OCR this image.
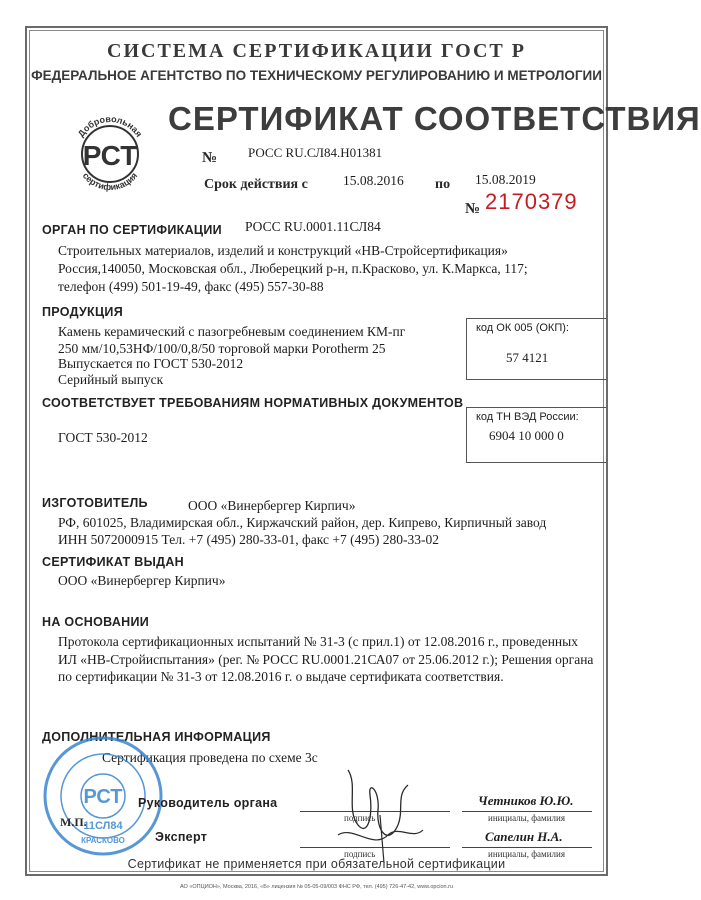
СИСТЕМА СЕРТИФИКАЦИИ ГОСТ Р
ФЕДЕРАЛЬНОЕ АГЕНТСТВО ПО ТЕХНИЧЕСКОМУ РЕГУЛИРОВАНИЮ И МЕТРОЛОГИИ
Добровольная
сертификация
РСТ
СЕРТИФИКАТ СООТВЕТСТВИЯ
№ РОСС RU.СЛ84.Н01381
Срок действия с	15.08.2016 по 15.08.2019
№ 2170379
ОРГАН ПО СЕРТИФИКАЦИИ РОСС RU.0001.11СЛ84
Строительных материалов, изделий и конструкций «НВ-Стройсертификация»
Россия,140050, Московская обл., Люберецкий р-н, п.Красково, ул. К.Маркса, 117;
телефон (499) 501-19-49, факс (495) 557-30-88
ПРОДУКЦИЯ
Камень керамический с пазогребневым соединением КМ-пг
250 мм/10,53НФ/100/0,8/50 торговой марки Porotherm 25
Выпускается по ГОСТ 530-2012
Серийный выпуск
код ОК 005 (ОКП):
57 4121
СООТВЕТСТВУЕТ ТРЕБОВАНИЯМ НОРМАТИВНЫХ ДОКУМЕНТОВ
ГОСТ 530-2012
код ТН ВЭД России:
6904 10 000 0
ИЗГОТОВИТЕЛЬ	ООО «Винербергер Кирпич»
РФ, 601025, Владимирская обл., Киржачский район, дер. Кипрево, Кирпичный завод
ИНН 5072000915 Тел. +7 (495) 280-33-01, факс +7 (495) 280-33-02
СЕРТИФИКАТ ВЫДАН
ООО «Винербергер Кирпич»
НА ОСНОВАНИИ
Протокола сертификационных испытаний № 31-3 (с прил.1) от 12.08.2016 г., проведенных
ИЛ «НВ-Стройиспытания» (рег. № РОСС RU.0001.21СА07 от 25.06.2012 г.); Решения органа
по сертификации № 31-3 от 12.08.2016 г. о выдаче сертификата соответствия.
ДОПОЛНИТЕЛЬНАЯ ИНФОРМАЦИЯ
Сертификация проведена по схеме 3с
РСТ
11СЛ84
КРАСКОВО
М.П.
Руководитель органа
подпись
Четников Ю.Ю.
инициалы, фамилия
Эксперт
подпись
Сапелин Н.А.
инициалы, фамилия
Сертификат не применяется при обязательной сертификации
АО «ОПЦИОН», Москва, 2016, «Б» лицензия № 05-05-09/003 ФНС РФ, тел. (495) 726-47-42, www.opcion.ru
